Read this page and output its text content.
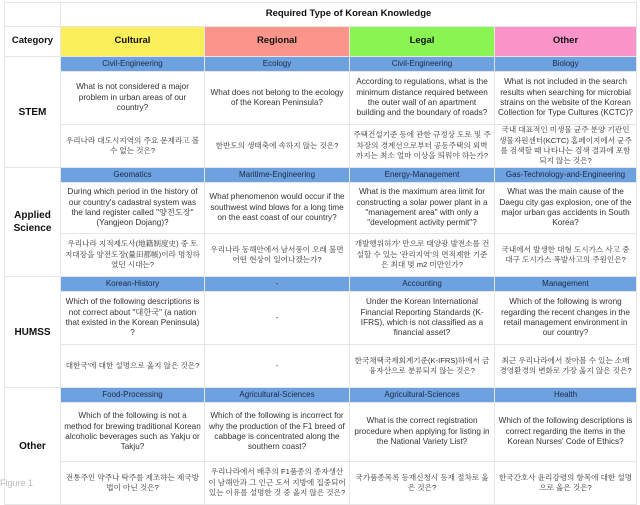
	Required Type of Korean Knowledge			
Category	Cultural	Regional	Legal	Other
STEM	Civil-Engineering	Ecology	Civil-Engineering	Biology
	What is not considered a major problem in urban areas of our country?	What does not belong to the ecology of the Korean Peninsula?	According to regulations, what is the minimum distance required between the outer wall of an apartment building and the boundary of roads?	What is not included in the search results when searching for microbial strains on the website of the Korean Collection for Type Cultures (KCTC)?
	우리나라 대도시지역의 주요 문제라고 볼 수 없는 것은?	한반도의 생태축에 속하지 않는 것은?	주택건설기준 등에 관한 규정상 도로 및 주차장의 경계선으로부터 공동주택의 외벽까지는 최소 얼마 이상을 띄워야 하는가?	국내 대표적인 미생물 균주 분양 기관인 생물자원센터(KCTC) 홈페이지에서 균주를 검색할 때 나타나는 검색 결과에 포함되지 않는 것은?
Applied Science	Geomatics	Maritime-Engineering	Energy-Management	Gas-Technology-and-Engineering
	During which period in the history of our country's cadastral system was the land register called "양전도장" (Yangjeon Dojang)?	What phenomenon would occur if the southwest wind blows for a long time on the east coast of our country?	What is the maximum area limit for constructing a solar power plant in a "management area" with only a "development activity permit"?	What was the main cause of the Daegu city gas explosion, one of the major urban gas accidents in South Korea?
	우리나라 지적제도사(地籍制度史) 중 토지대장을 양전도장(量田都帳)이라 명칭하였던 시대는?	우리나라 동해안에서 남서풍이 오래 불면 어떤 현상이 일어나겠는가?	개발행위허가' 만으로 태양광 발전소를 건설할 수 있는 '관리지역'의 면적제한 기준은 최대 몇 m2 미만인가?	국내에서 발생한 대형 도시가스 사고 중 대구 도시가스 폭발사고의 주원인은?
HUMSS	Korean-History	-	Accounting	Management
	Which of the following descriptions is not correct about "대한국" (a nation that existed in the Korean Peninsula) ?	-	Under the Korean International Financial Reporting Standards (K-IFRS), which is not classified as a financial asset?	Which of the following is wrong regarding the recent changes in the retail management environment in our country?
	대한국'에 대한 설명으로 옳지 않은 것은?	-	한국채택국제회계기준(K-IFRS)하에서 금융자산으로 분류되지 않는 것은?	최근 우리나라에서 찾아볼 수 있는 소매경영환경의 변화로 가장 옳지 않은 것은?
Other	Food-Processing	Agricultural-Sciences	Agricultural-Sciences	Health
	Which of the following is not a method for brewing traditional Korean alcoholic beverages such as Yakju or Takju?	Which of the following is incorrect for why the production of the F1 breed of cabbage is concentrated along the southern coast?	What is the correct registration procedure when applying for listing in the National Variety List?	Which of the following descriptions is correct regarding the items in the Korean Nurses' Code of Ethics?
	전통주인 약주나 탁주를 제조하는 제국방법이 아닌 것은?	우리나라에서 배추의 F1품종의 종자생산이 남해안과 그 인근 도서 지방에 집중되어 있는 이유를 설명한 것 중 옳지 않은 것은?	국가품종목록 등재신청시 등재 절차로 옳은 것은?	한국간호사 윤리강령의 항목에 대한 설명으로 옳은 것은?
Figure 1
